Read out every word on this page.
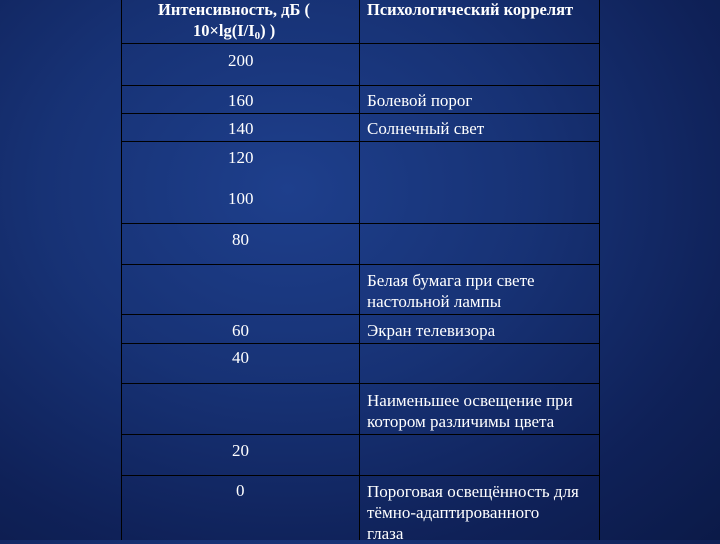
Интенсивность, дБ (
$10\times\lg(I/I_0)$ )
Психологический коррелят
200
160
140
120
100
80
60
40
20
0
Болевой порог
Солнечный свет
Белая бумага при свете
настольной лампы
Экран телевизора
Наименьшее освещение при
котором различимы цвета
Пороговая освещённость для
тёмно-адаптированного
глаза
